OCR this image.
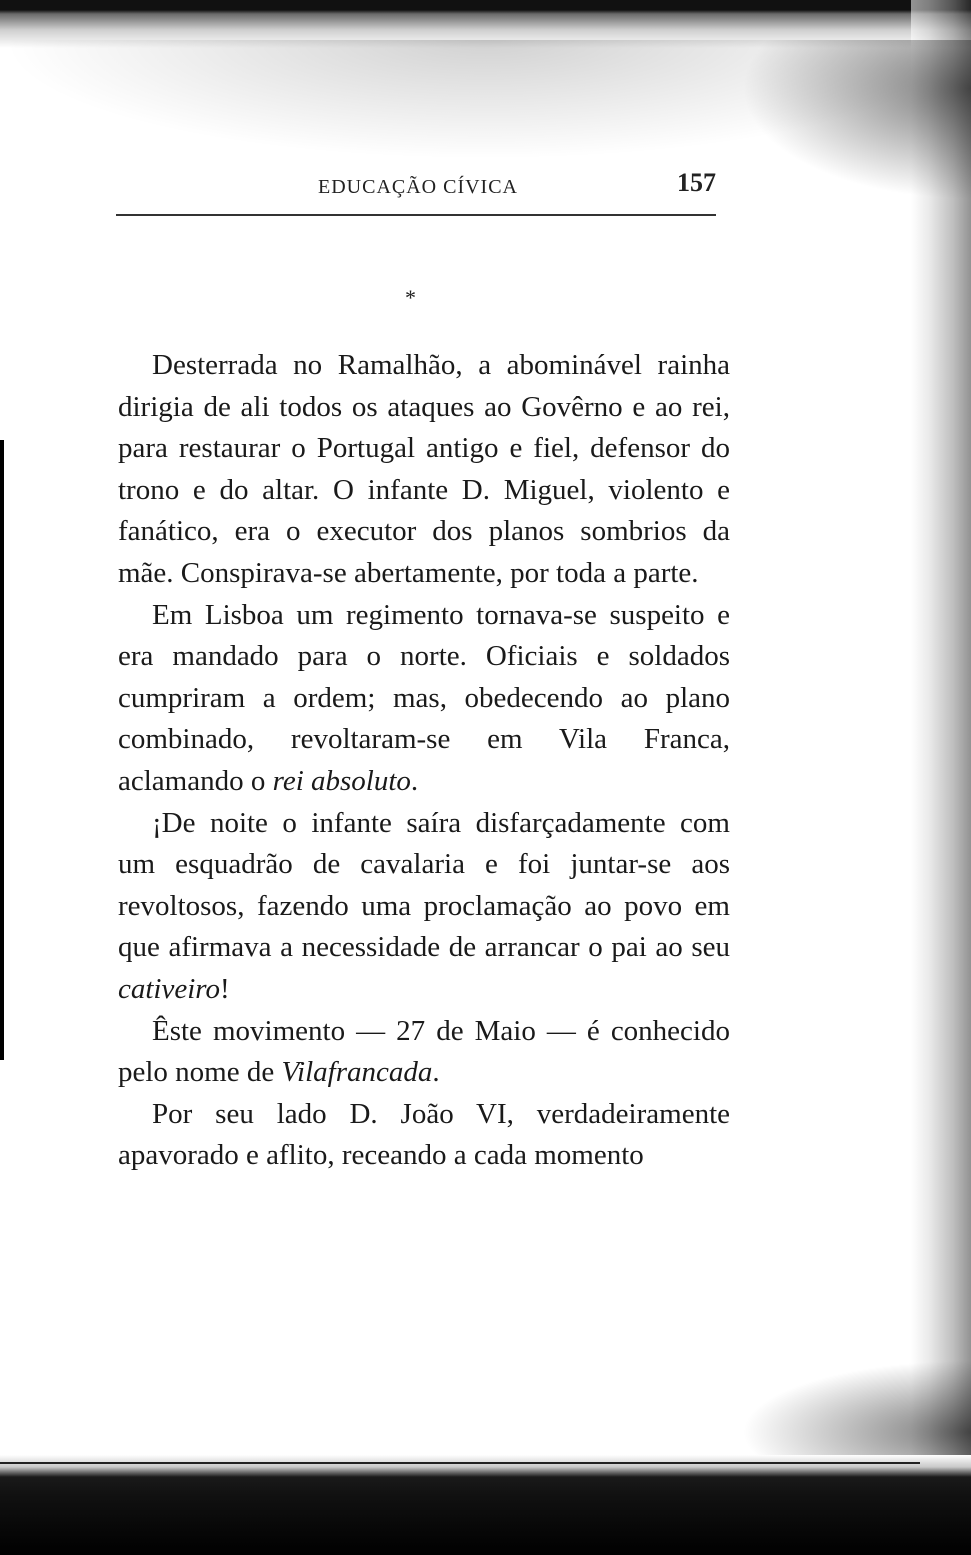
EDUCAÇÃO CÍVICA	157
*

Desterrada no Ramalhão, a abominável rainha dirigia de ali todos os ataques ao Govêrno e ao rei, para restaurar o Portugal antigo e fiel, defensor do trono e do altar. O infante D. Miguel, violento e fanático, era o executor dos planos sombrios da mãe. Conspirava-se abertamente, por toda a parte.

Em Lisboa um regimento tornava-se suspeito e era mandado para o norte. Oficiais e soldados cumpriram a ordem; mas, obedecendo ao plano combinado, revoltaram-se em Vila Franca, aclamando o rei absoluto.

¡De noite o infante saíra disfarçadamente com um esquadrão de cavalaria e foi juntar-se aos revoltosos, fazendo uma proclamação ao povo em que afirmava a necessidade de arrancar o pai ao seu cativeiro!

Êste movimento — 27 de Maio — é conhecido pelo nome de Vilafrancada.

Por seu lado D. João VI, verdadeiramente apavorado e aflito, receando a cada momento
